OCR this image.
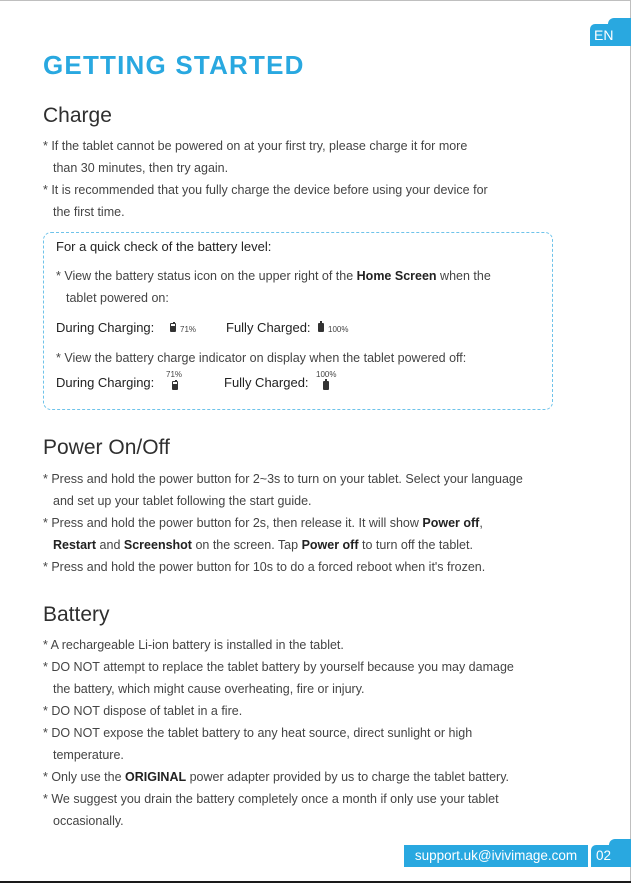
EN
GETTING STARTED
Charge
* If the tablet cannot be powered on at your first try, please charge it for more
than 30 minutes, then try again.
* It is recommended that you fully charge the device before using your device for
the first time.
For a quick check of the battery level:
* View the battery status icon on the upper right of the Home Screen when the
tablet powered on:
During Charging:	71% Fully Charged: 100%
* View the battery charge indicator on display when the tablet powered off:
During Charging:
71%
Fully Charged:
100%
Power On/Off
* Press and hold the power button for 2~3s to turn on your tablet. Select your language
and set up your tablet following the start guide.
* Press and hold the power button for 2s, then release it. It will show Power off,
Restart and Screenshot on the screen. Tap Power off to turn off the tablet.
* Press and hold the power button for 10s to do a forced reboot when it's frozen.
Battery
* A rechargeable Li-ion battery is installed in the tablet.
* DO NOT attempt to replace the tablet battery by yourself because you may damage
the battery, which might cause overheating, fire or injury.
* DO NOT dispose of tablet in a fire.
* DO NOT expose the tablet battery to any heat source, direct sunlight or high
temperature.
* Only use the ORIGINAL power adapter provided by us to charge the tablet battery.
* We suggest you drain the battery completely once a month if only use your tablet
occasionally.
support.uk@ivivimage.com	02
